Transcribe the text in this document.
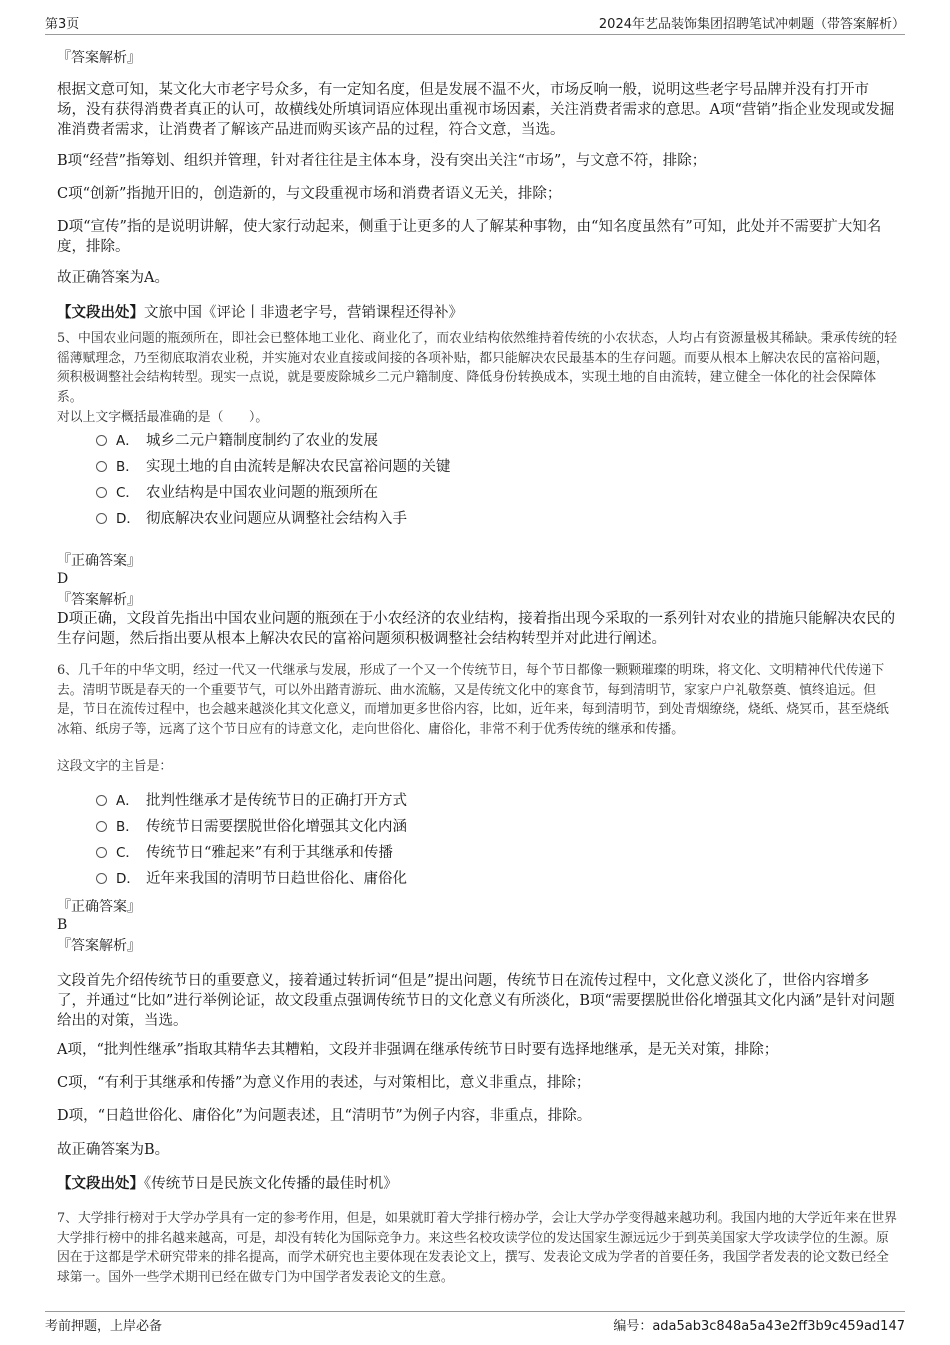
第3页	2024年艺品装饰集团招聘笔试冲刺题（带答案解析）
『答案解析』

根据文意可知，某文化大市老字号众多，有一定知名度，但是发展不温不火，市场反响一般，说明这些老字号品牌并没有打开市场，没有获得消费者真正的认可，故横线处所填词语应体现出重视市场因素，关注消费者需求的意思。A项“营销”指企业发现或发掘准消费者需求，让消费者了解该产品进而购买该产品的过程，符合文意，当选。

B项“经营”指筹划、组织并管理，针对者往往是主体本身，没有突出关注“市场”，与文意不符，排除；

C项“创新”指抛开旧的，创造新的，与文段重视市场和消费者语义无关，排除；

D项“宣传”指的是说明讲解，使大家行动起来，侧重于让更多的人了解某种事物，由“知名度虽然有”可知，此处并不需要扩大知名度，排除。

故正确答案为A。

【文段出处】文旅中国《评论丨非遗老字号，营销课程还得补》

5、中国农业问题的瓶颈所在，即社会已整体地工业化、商业化了，而农业结构依然维持着传统的小农状态，人均占有资源量极其稀缺。秉承传统的轻徭薄赋理念，乃至彻底取消农业税，并实施对农业直接或间接的各项补贴，都只能解决农民最基本的生存问题。而要从根本上解决农民的富裕问题，须积极调整社会结构转型。现实一点说，就是要废除城乡二元户籍制度、降低身份转换成本，实现土地的自由流转，建立健全一体化的社会保障体系。

对以上文字概括最准确的是（　　）。

A． 城乡二元户籍制度制约了农业的发展
B． 实现土地的自由流转是解决农民富裕问题的关键
C． 农业结构是中国农业问题的瓶颈所在
D． 彻底解决农业问题应从调整社会结构入手
『正确答案』
D
『答案解析』

D项正确，文段首先指出中国农业问题的瓶颈在于小农经济的农业结构，接着指出现今采取的一系列针对农业的措施只能解决农民的生存问题，然后指出要从根本上解决农民的富裕问题须积极调整社会结构转型并对此进行阐述。

6、几千年的中华文明，经过一代又一代继承与发展，形成了一个又一个传统节日，每个节日都像一颗颗璀璨的明珠，将文化、文明精神代代传递下去。清明节既是春天的一个重要节气，可以外出踏青游玩、曲水流觞，又是传统文化中的寒食节，每到清明节，家家户户礼敬祭奠、慎终追远。但是，节日在流传过程中，也会越来越淡化其文化意义，而增加更多世俗内容，比如，近年来，每到清明节，到处青烟缭绕，烧纸、烧冥币，甚至烧纸冰箱、纸房子等，远离了这个节日应有的诗意文化，走向世俗化、庸俗化，非常不利于优秀传统的继承和传播。

这段文字的主旨是：

A． 批判性继承才是传统节日的正确打开方式
B． 传统节日需要摆脱世俗化增强其文化内涵
C． 传统节日“雅起来”有利于其继承和传播
D． 近年来我国的清明节日趋世俗化、庸俗化
『正确答案』
B
『答案解析』

文段首先介绍传统节日的重要意义，接着通过转折词“但是”提出问题，传统节日在流传过程中，文化意义淡化了，世俗内容增多了，并通过“比如”进行举例论证，故文段重点强调传统节日的文化意义有所淡化，B项“需要摆脱世俗化增强其文化内涵”是针对问题给出的对策，当选。

A项，“批判性继承”指取其精华去其糟粕，文段并非强调在继承传统节日时要有选择地继承，是无关对策，排除；

C项，“有利于其继承和传播”为意义作用的表述，与对策相比，意义非重点，排除；

D项，“日趋世俗化、庸俗化”为问题表述，且“清明节”为例子内容，非重点，排除。

故正确答案为B。

【文段出处】《传统节日是民族文化传播的最佳时机》

7、大学排行榜对于大学办学具有一定的参考作用，但是，如果就盯着大学排行榜办学，会让大学办学变得越来越功利。我国内地的大学近年来在世界大学排行榜中的排名越来越高，可是，却没有转化为国际竞争力。来这些名校攻读学位的发达国家生源远远少于到英美国家大学攻读学位的生源。原因在于这都是学术研究带来的排名提高，而学术研究也主要体现在发表论文上，撰写、发表论文成为学者的首要任务，我国学者发表的论文数已经全球第一。国外一些学术期刊已经在做专门为中国学者发表论文的生意。

考前押题，上岸必备	编号：ada5ab3c848a5a43e2ff3b9c459ad147
